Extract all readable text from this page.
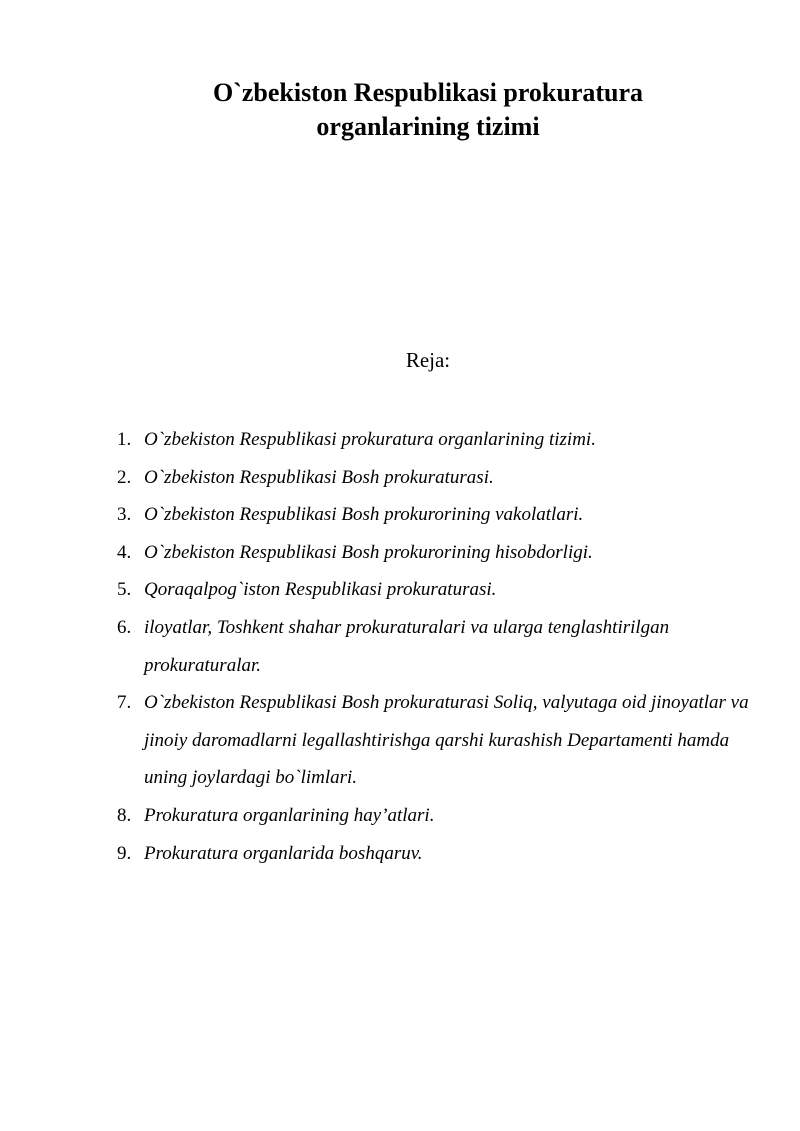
O`zbekiston Respublikasi prokuratura
organlarining tizimi
Reja:
1. O`zbekiston Respublikasi prokuratura organlarining tizimi.
2. O`zbekiston Respublikasi Bosh prokuraturasi.
3. O`zbekiston Respublikasi Bosh prokurorining vakolatlari.
4. O`zbekiston Respublikasi Bosh prokurorining hisobdorligi.
5. Qoraqalpog`iston Respublikasi prokuraturasi.
6. iloyatlar, Toshkent shahar prokuraturalari va ularga tenglashtirilgan prokuraturalar.
7. O`zbekiston Respublikasi Bosh prokuraturasi Soliq, valyutaga oid jinoyatlar va jinoiy daromadlarni legallashtirishga qarshi kurashish Departamenti hamda uning joylardagi bo`limlari.
8. Prokuratura organlarining hay’atlari.
9. Prokuratura organlarida boshqaruv.
